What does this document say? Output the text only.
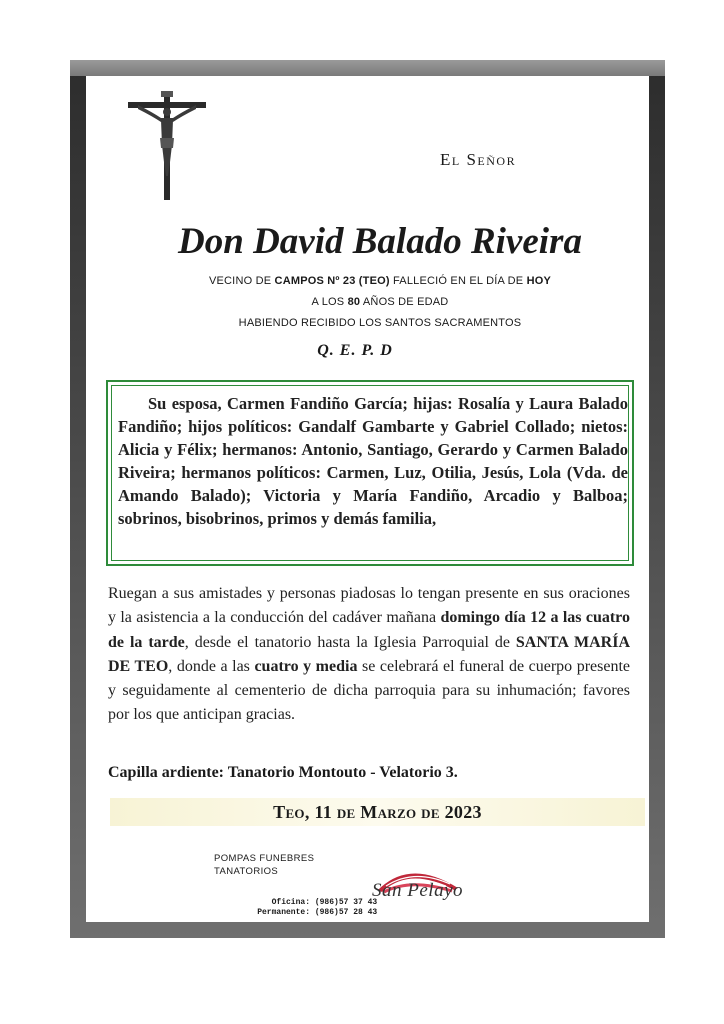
El Señor
Don David Balado Riveira
VECINO DE CAMPOS Nº 23 (TEO) FALLECIÓ EN EL DÍA DE HOY
A LOS 80 AÑOS DE EDAD
HABIENDO RECIBIDO LOS SANTOS SACRAMENTOS
Q. E. P. D
Su esposa, Carmen Fandiño García; hijas: Rosalía y Laura Balado Fandiño; hijos políticos: Gandalf Gambarte y Gabriel Collado; nietos: Alicia y Félix; hermanos: Antonio, Santiago, Gerardo y Carmen Balado Riveira; hermanos políticos: Carmen, Luz, Otilia, Jesús, Lola (Vda. de Amando Balado); Victoria y María Fandiño, Arcadio y Balboa; sobrinos, bisobrinos, primos y demás familia,
Ruegan a sus amistades y personas piadosas lo tengan presente en sus oraciones y la asistencia a la conducción del cadáver mañana domingo día 12 a las cuatro de la tarde, desde el tanatorio hasta la Iglesia Parroquial de SANTA MARÍA DE TEO, donde a las cuatro y media se celebrará el funeral de cuerpo presente y seguidamente al cementerio de dicha parroquia para su inhumación; favores por los que anticipan gracias.
Capilla ardiente: Tanatorio Montouto - Velatorio 3.
Teo, 11 de Marzo de 2023
POMPAS FUNEBRES
TANATORIOS
Oficina: (986)57 37 43
Permanente: (986)57 28 43
San Pelayo
